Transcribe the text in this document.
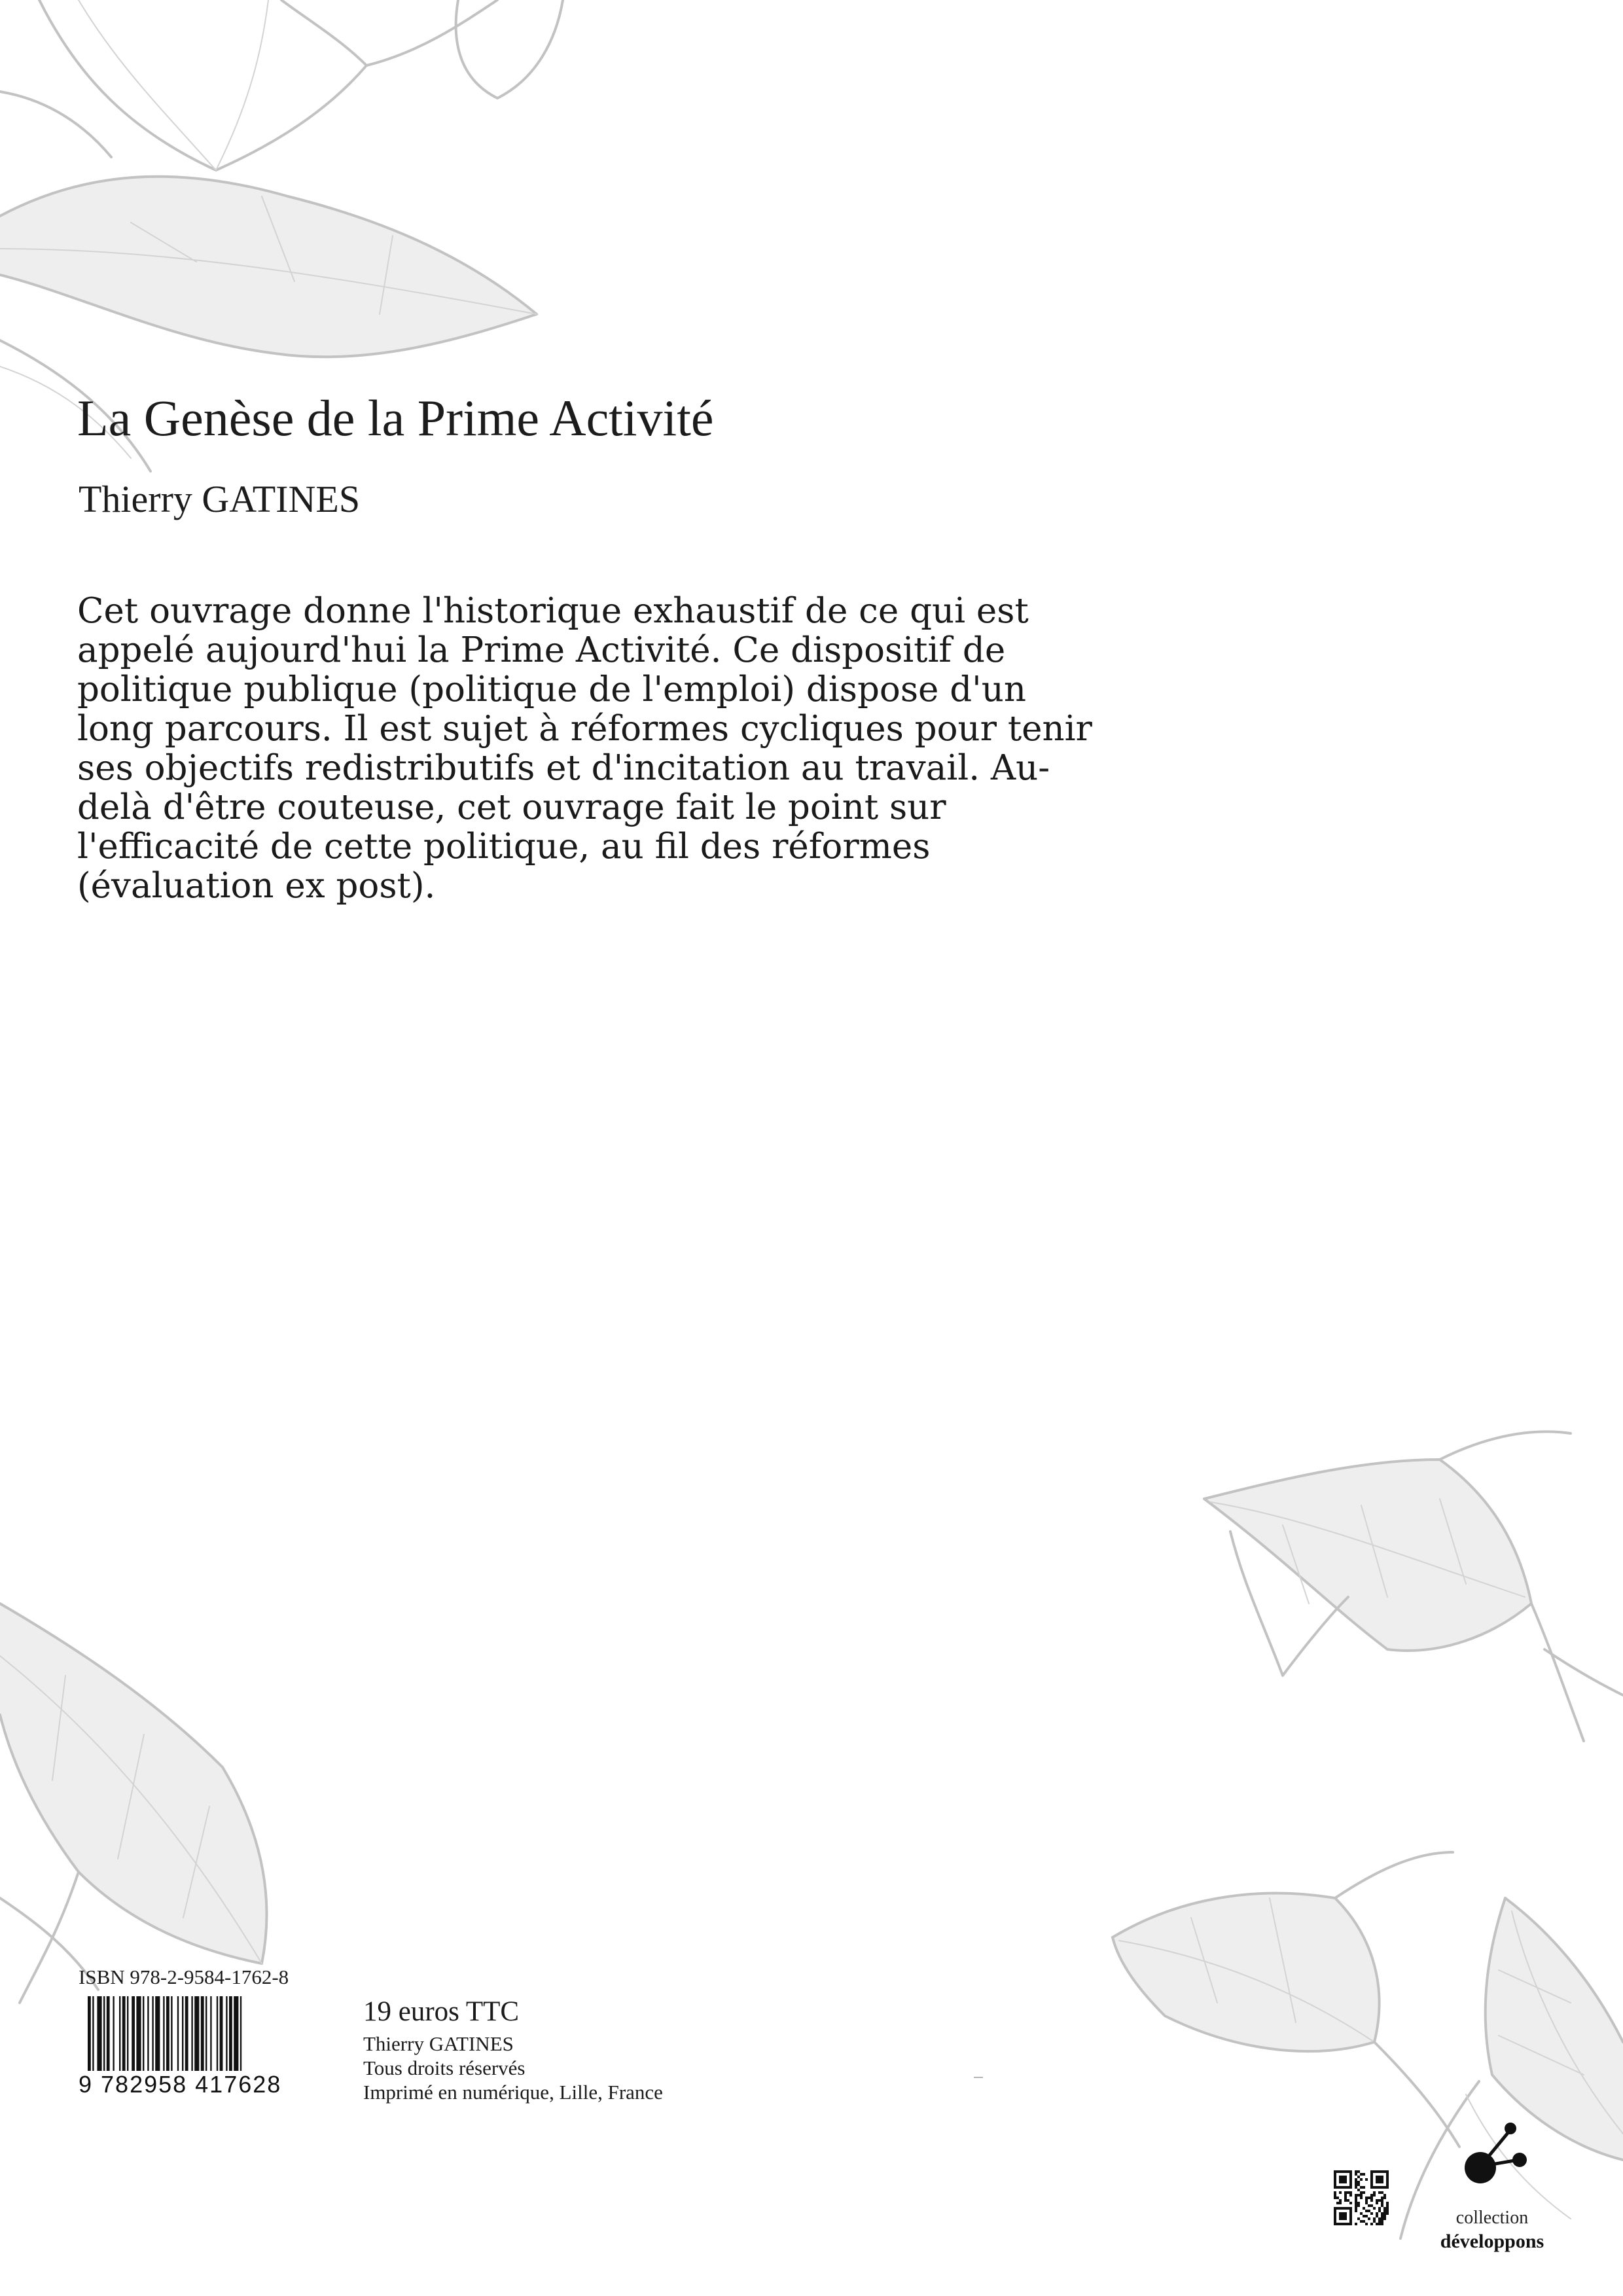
La Genèse de la Prime Activité
Thierry GATINES
Cet ouvrage donne l'historique exhaustif de ce qui est
appelé aujourd'hui la Prime Activité. Ce dispositif de
politique publique (politique de l'emploi) dispose d'un
long parcours. Il est sujet à réformes cycliques pour tenir
ses objectifs redistributifs et d'incitation au travail. Au-
delà d'être couteuse, cet ouvrage fait le point sur
l'efficacité de cette politique, au fil des réformes
(évaluation ex post).
ISBN 978-2-9584-1762-8
9 782958 417628
19 euros TTC
Thierry GATINES
Tous droits réservés
Imprimé en numérique, Lille, France
collection
développons
